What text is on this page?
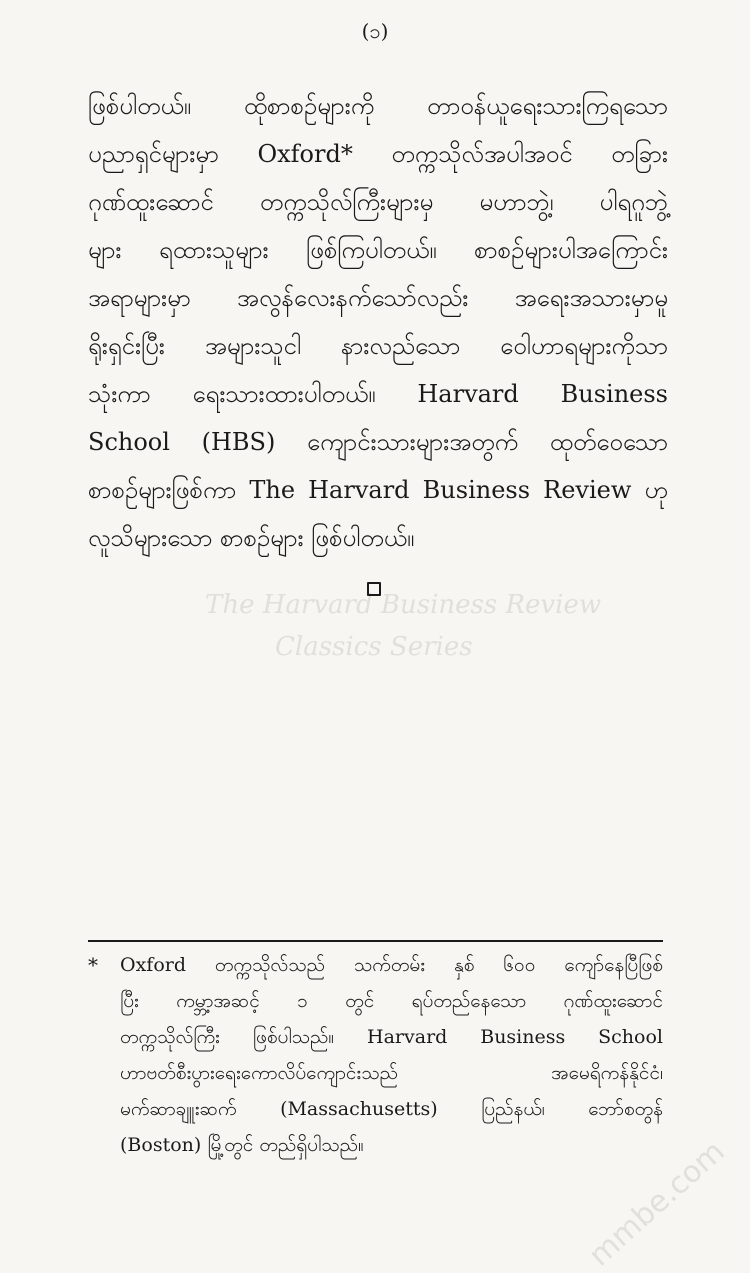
(၁)
The Harvard Business Review
Classics Series
ဖြစ်ပါတယ်။ ထိုစာစဉ်များကို တာဝန်ယူရေးသားကြရသော
ပညာရှင်များမှာ Oxford* တက္ကသိုလ်အပါအဝင် တခြား
ဂုဏ်ထူးဆောင် တက္ကသိုလ်ကြီးများမှ မဟာဘွဲ့၊ ပါရဂူဘွဲ့
များ ရထားသူများ ဖြစ်ကြပါတယ်။ စာစဉ်များပါအကြောင်း
အရာများမှာ အလွန်လေးနက်သော်လည်း အရေးအသားမှာမူ
ရိုးရှင်းပြီး အများသူငါ နားလည်သော ဝေါဟာရများကိုသာ
သုံးကာ ရေးသားထားပါတယ်။ Harvard Business
School (HBS) ကျောင်းသားများအတွက် ထုတ်ဝေသော
စာစဉ်များဖြစ်ကာ The Harvard Business Review ဟု
လူသိများသော စာစဉ်များ ဖြစ်ပါတယ်။
* Oxford တက္ကသိုလ်သည် သက်တမ်း နှစ် ၆၀၀ ကျော်နေပြီဖြစ်
ပြီး ကမ္ဘာ့အဆင့် ၁ တွင် ရပ်တည်နေသော ဂုဏ်ထူးဆောင်
တက္ကသိုလ်ကြီး ဖြစ်ပါသည်။ Harvard Business School
ဟာဗတ်စီးပွားရေးကောလိပ်ကျောင်းသည် အမေရိကန်နိုင်ငံ၊
မက်ဆာချူးဆက် (Massachusetts) ပြည်နယ်၊ ဘော်စတွန်
(Boston) မြို့တွင် တည်ရှိပါသည်။	mmbe.com
